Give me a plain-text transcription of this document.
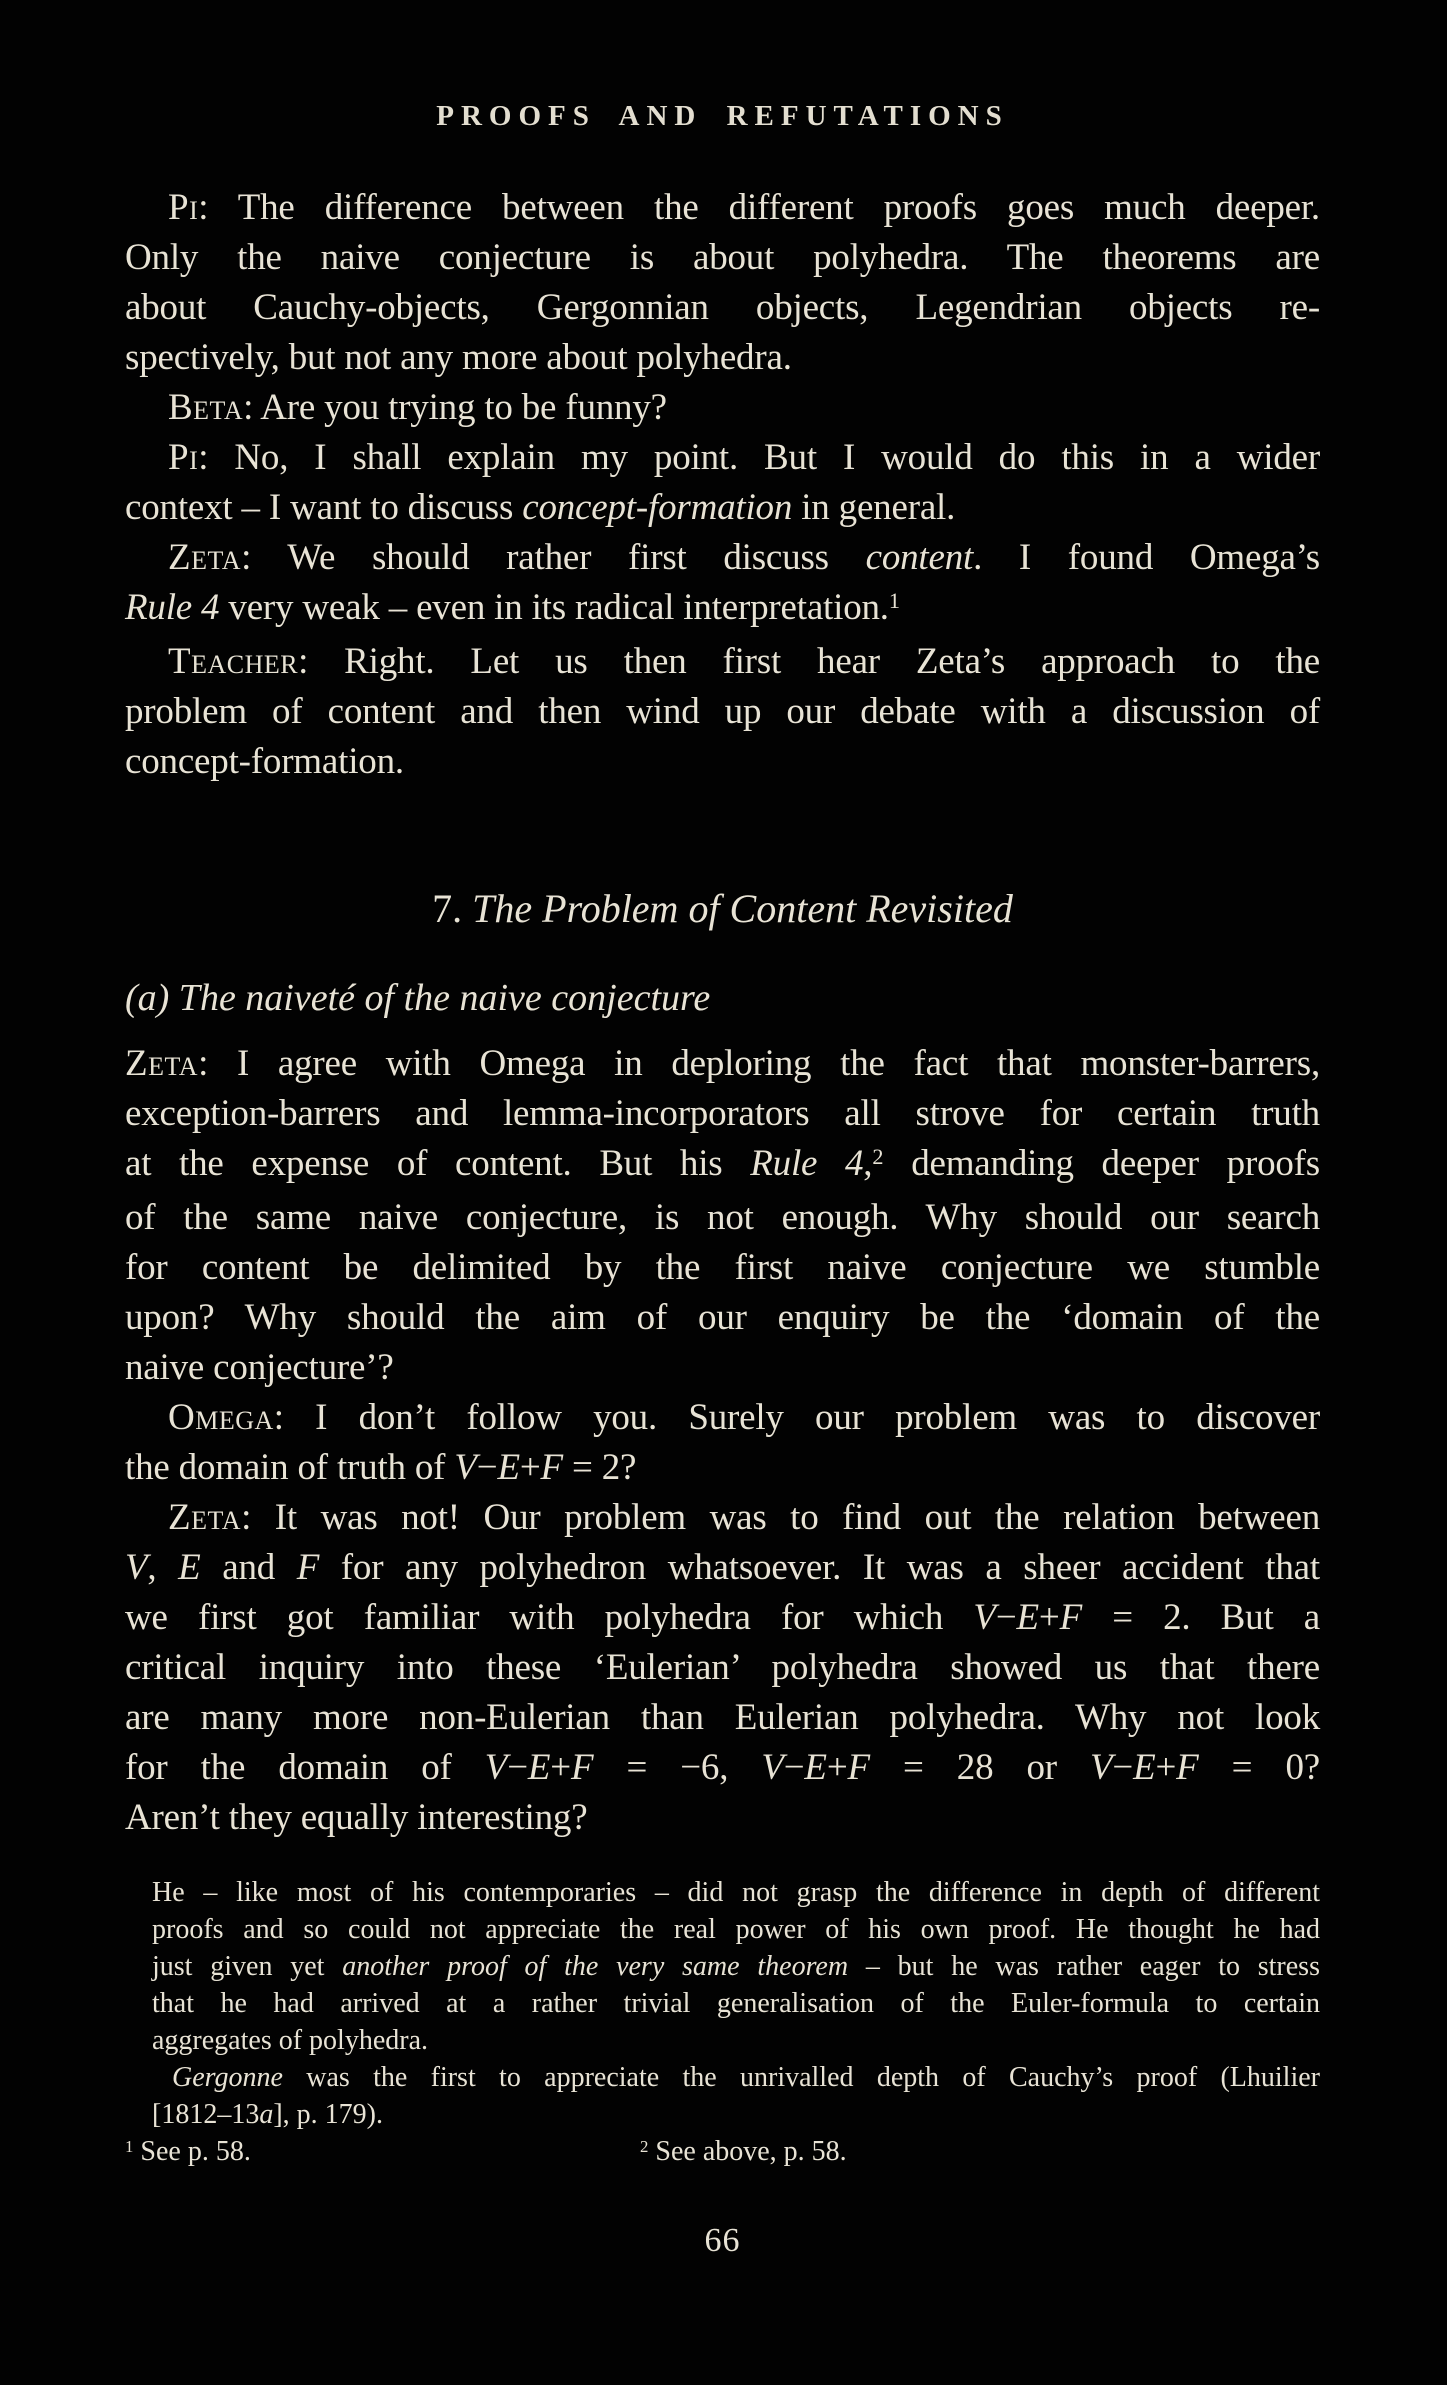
PROOFS AND REFUTATIONS
Pi: The difference between the different proofs goes much deeper.
Only the naive conjecture is about polyhedra. The theorems are
about Cauchy-objects, Gergonnian objects, Legendrian objects re-
spectively, but not any more about polyhedra.
Beta: Are you trying to be funny?
Pi: No, I shall explain my point. But I would do this in a wider
context – I want to discuss concept-formation in general.
Zeta: We should rather first discuss content. I found Omega’s
Rule 4 very weak – even in its radical interpretation.$^1$
Teacher: Right. Let us then first hear Zeta’s approach to the
problem of content and then wind up our debate with a discussion of
concept-formation.
7. The Problem of Content Revisited
(a) The naiveté of the naive conjecture
Zeta: I agree with Omega in deploring the fact that monster-barrers,
exception-barrers and lemma-incorporators all strove for certain truth
at the expense of content. But his Rule 4,$^2$ demanding deeper proofs
of the same naive conjecture, is not enough. Why should our search
for content be delimited by the first naive conjecture we stumble
upon? Why should the aim of our enquiry be the ‘domain of the
naive conjecture’?
Omega: I don’t follow you. Surely our problem was to discover
the domain of truth of V−E+F = 2?
Zeta: It was not! Our problem was to find out the relation between
V, E and F for any polyhedron whatsoever. It was a sheer accident that
we first got familiar with polyhedra for which V−E+F = 2. But a
critical inquiry into these ‘Eulerian’ polyhedra showed us that there
are many more non-Eulerian than Eulerian polyhedra. Why not look
for the domain of V−E+F = −6, V−E+F = 28 or V−E+F = 0?
Aren’t they equally interesting?
He – like most of his contemporaries – did not grasp the difference in depth of different
proofs and so could not appreciate the real power of his own proof. He thought he had
just given yet another proof of the very same theorem – but he was rather eager to stress
that he had arrived at a rather trivial generalisation of the Euler-formula to certain
aggregates of polyhedra.
Gergonne was the first to appreciate the unrivalled depth of Cauchy’s proof (Lhuilier
[1812–13a], p. 179).
$^1$ See p. 58.	$^2$ See above, p. 58.
66
